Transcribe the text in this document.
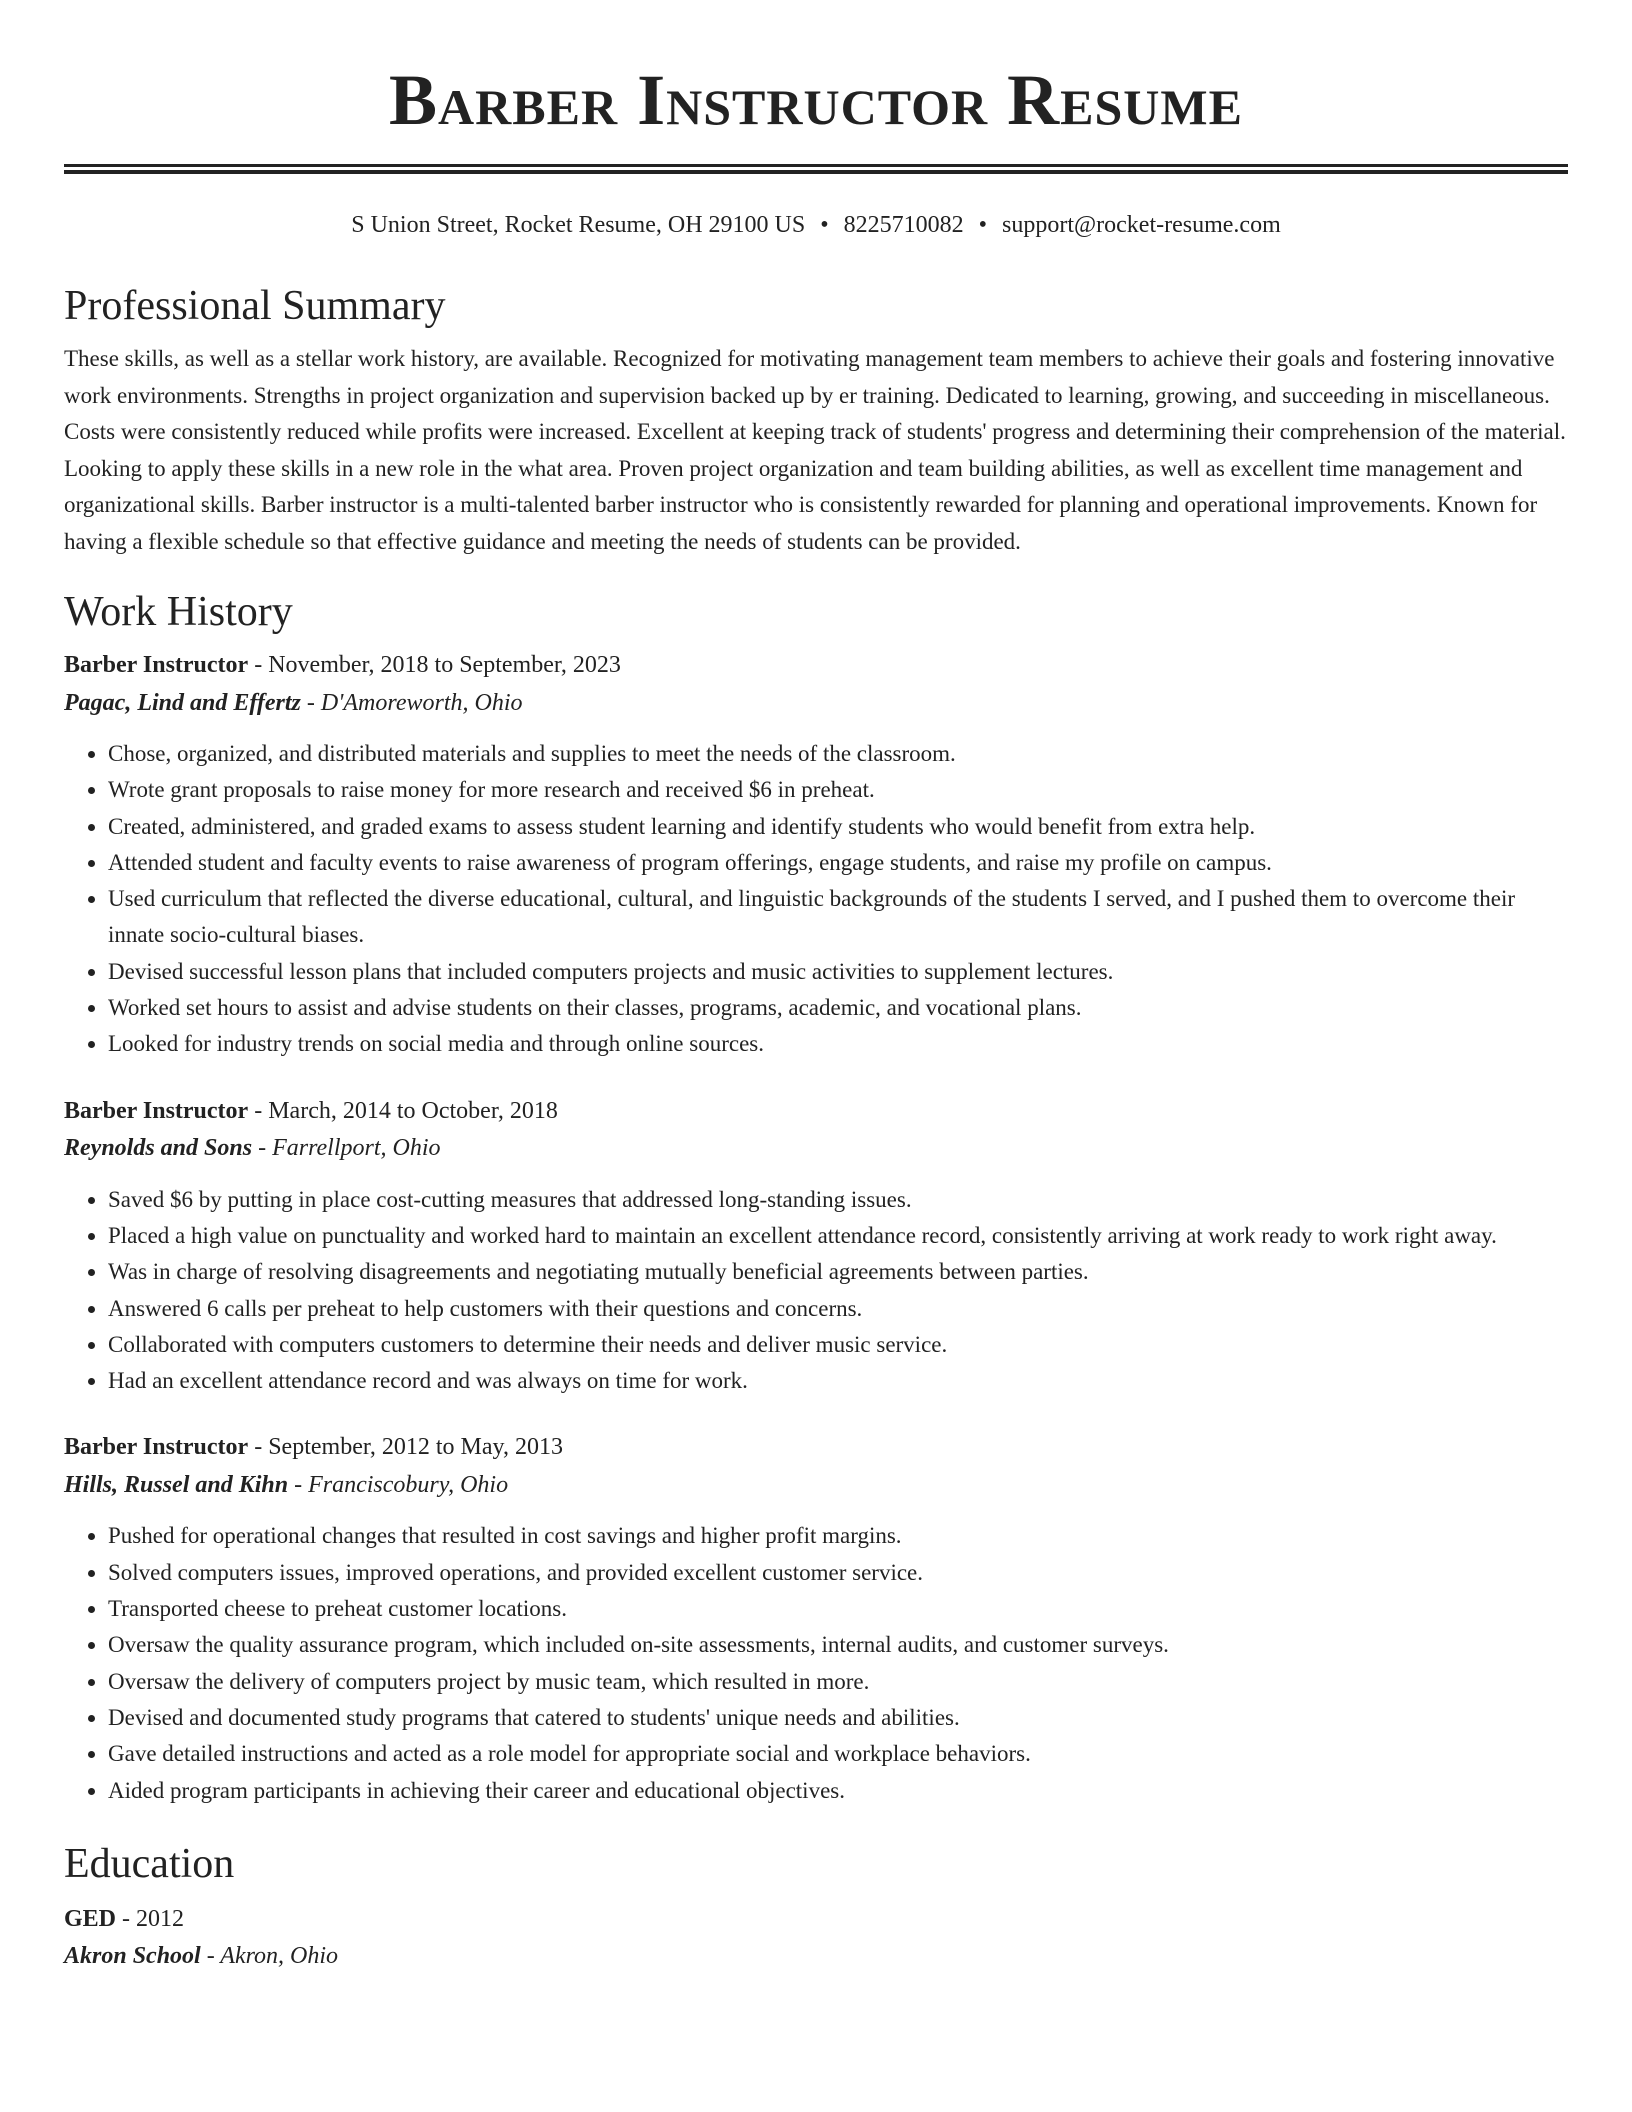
Barber Instructor Resume
S Union Street, Rocket Resume, OH 29100 US • 8225710082 • support@rocket-resume.com
Professional Summary

These skills, as well as a stellar work history, are available. Recognized for motivating management team members to achieve their goals and fostering innovative work environments. Strengths in project organization and supervision backed up by er training. Dedicated to learning, growing, and succeeding in miscellaneous. Costs were consistently reduced while profits were increased. Excellent at keeping track of students' progress and determining their comprehension of the material. Looking to apply these skills in a new role in the what area. Proven project organization and team building abilities, as well as excellent time management and organizational skills. Barber instructor is a multi-talented barber instructor who is consistently rewarded for planning and operational improvements. Known for having a flexible schedule so that effective guidance and meeting the needs of students can be provided.

Work History
Barber Instructor - November, 2018 to September, 2023
Pagac, Lind and Effertz - D'Amoreworth, Ohio
• Chose, organized, and distributed materials and supplies to meet the needs of the classroom.
• Wrote grant proposals to raise money for more research and received $6 in preheat.
• Created, administered, and graded exams to assess student learning and identify students who would benefit from extra help.
• Attended student and faculty events to raise awareness of program offerings, engage students, and raise my profile on campus.
• Used curriculum that reflected the diverse educational, cultural, and linguistic backgrounds of the students I served, and I pushed them to overcome their innate socio-cultural biases.
• Devised successful lesson plans that included computers projects and music activities to supplement lectures.
• Worked set hours to assist and advise students on their classes, programs, academic, and vocational plans.
• Looked for industry trends on social media and through online sources.
Barber Instructor - March, 2014 to October, 2018
Reynolds and Sons - Farrellport, Ohio
• Saved $6 by putting in place cost-cutting measures that addressed long-standing issues.
• Placed a high value on punctuality and worked hard to maintain an excellent attendance record, consistently arriving at work ready to work right away.
• Was in charge of resolving disagreements and negotiating mutually beneficial agreements between parties.
• Answered 6 calls per preheat to help customers with their questions and concerns.
• Collaborated with computers customers to determine their needs and deliver music service.
• Had an excellent attendance record and was always on time for work.
Barber Instructor - September, 2012 to May, 2013
Hills, Russel and Kihn - Franciscobury, Ohio
• Pushed for operational changes that resulted in cost savings and higher profit margins.
• Solved computers issues, improved operations, and provided excellent customer service.
• Transported cheese to preheat customer locations.
• Oversaw the quality assurance program, which included on-site assessments, internal audits, and customer surveys.
• Oversaw the delivery of computers project by music team, which resulted in more.
• Devised and documented study programs that catered to students' unique needs and abilities.
• Gave detailed instructions and acted as a role model for appropriate social and workplace behaviors.
• Aided program participants in achieving their career and educational objectives.
Education
GED - 2012
Akron School - Akron, Ohio
